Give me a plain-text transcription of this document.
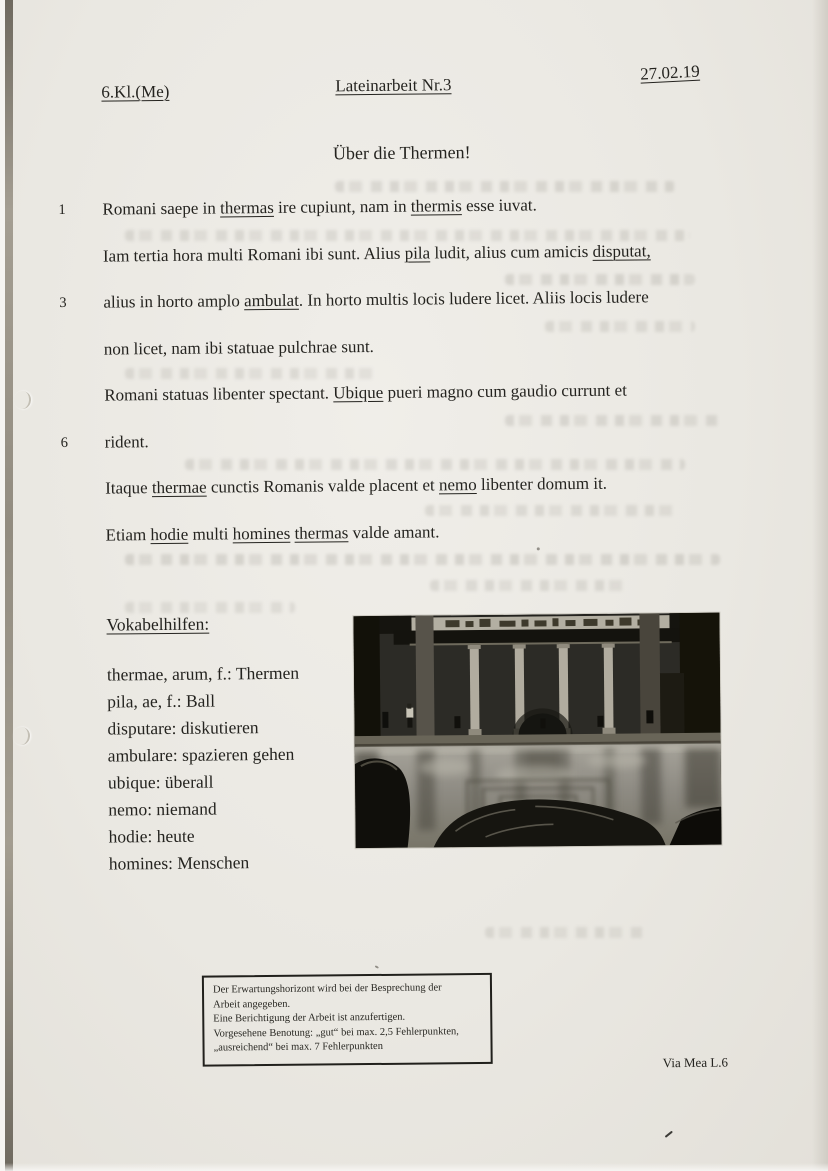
6.Kl.(Me)	Lateinarbeit Nr.3
27.02.19
Über die Thermen!
1 Romani saepe in thermas ire cupiunt, nam in thermis esse iuvat.
Iam tertia hora multi Romani ibi sunt. Alius pila ludit, alius cum amicis disputat,
3 alius in horto amplo ambulat. In horto multis locis ludere licet. Aliis locis ludere
non licet, nam ibi statuae pulchrae sunt.
Romani statuas libenter spectant. Ubique pueri magno cum gaudio currunt et
6 rident.
Itaque thermae cunctis Romanis valde placent et nemo libenter domum it.
Etiam hodie multi homines thermas valde amant.
Vokabelhilfen:
thermae, arum, f.: Thermen
pila, ae, f.: Ball
disputare: diskutieren
ambulare: spazieren gehen
ubique: überall
nemo: niemand
hodie: heute
homines: Menschen
Der Erwartungshorizont wird bei der Besprechung der
Arbeit angegeben.
Eine Berichtigung der Arbeit ist anzufertigen.
Vorgesehene Benotung: „gut“ bei max. 2,5 Fehlerpunkten,
„ausreichend“ bei max. 7 Fehlerpunkten
Via Mea L.6
